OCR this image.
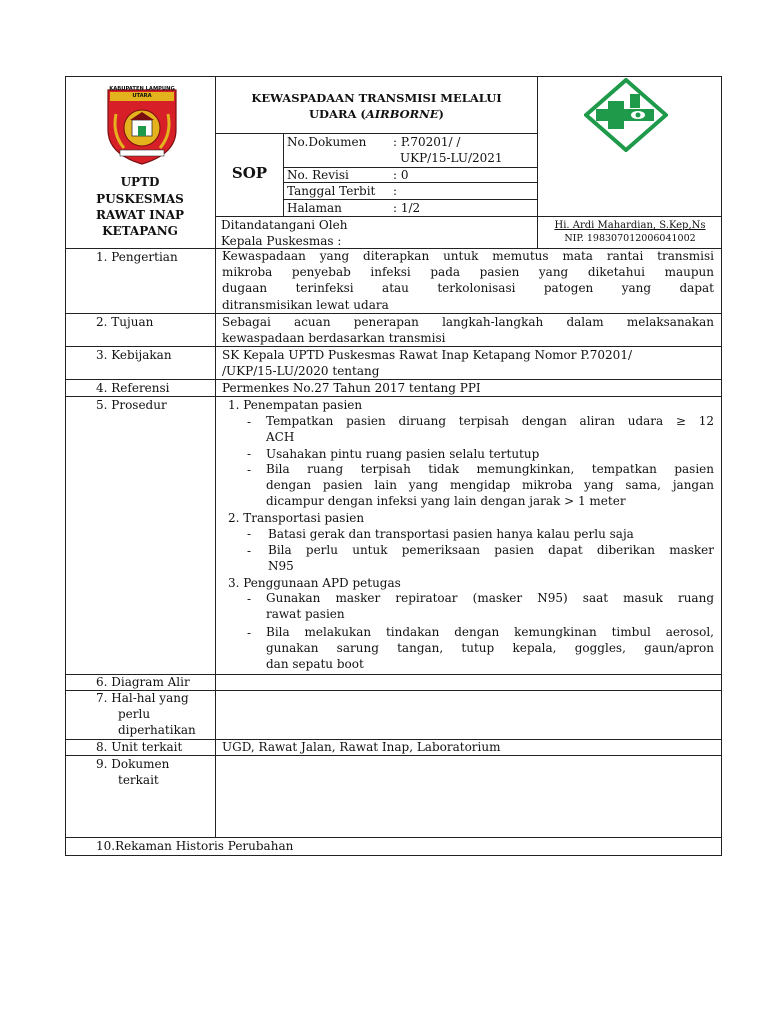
KABUPATEN LAMPUNG UTARA
UPTD
PUSKESMAS
RAWAT INAP
KETAPANG
KEWASPADAAN TRANSMISI MELALUI
UDARA (AIRBORNE)
SOP
No.Dokumen : P.70201/ /
UKP/15-LU/2021
No. Revisi	: 0
Tanggal Terbit :
Halaman	: 1/2
Ditandatangani Oleh
Kepala Puskesmas :
Hi. Ardi Mahardian, S.Kep,Ns
NIP. 198307012006041002
1. Pengertian	Kewaspadaan yang diterapkan untuk memutus mata rantai transmisi
mikroba penyebab infeksi pada pasien yang diketahui maupun
dugaan terinfeksi atau terkolonisasi patogen yang dapat
ditransmisikan lewat udara
2. Tujuan	Sebagai acuan penerapan langkah-langkah dalam melaksanakan
kewaspadaan berdasarkan transmisi
3. Kebijakan	SK Kepala UPTD Puskesmas Rawat Inap Ketapang Nomor P.70201/
/UKP/15-LU/2020 tentang
4. Referensi	Permenkes No.27 Tahun 2017 tentang PPI
5. Prosedur	1. Penempatan pasien
- Tempatkan pasien diruang terpisah dengan aliran udara ≥ 12
ACH
- Usahakan pintu ruang pasien selalu tertutup
- Bila ruang terpisah tidak memungkinkan, tempatkan pasien
dengan pasien lain yang mengidap mikroba yang sama, jangan
dicampur dengan infeksi yang lain dengan jarak > 1 meter
2. Transportasi pasien
- Batasi gerak dan transportasi pasien hanya kalau perlu saja
- Bila perlu untuk pemeriksaan pasien dapat diberikan masker
N95
3. Penggunaan APD petugas
- Gunakan masker repiratoar (masker N95) saat masuk ruang
rawat pasien
- Bila melakukan tindakan dengan kemungkinan timbul aerosol,
gunakan sarung tangan, tutup kepala, goggles, gaun/apron
dan sepatu boot
6. Diagram Alir
7. Hal-hal yang
perlu
diperhatikan
8. Unit terkait	UGD, Rawat Jalan, Rawat Inap, Laboratorium
9. Dokumen
terkait
10.Rekaman Historis Perubahan
